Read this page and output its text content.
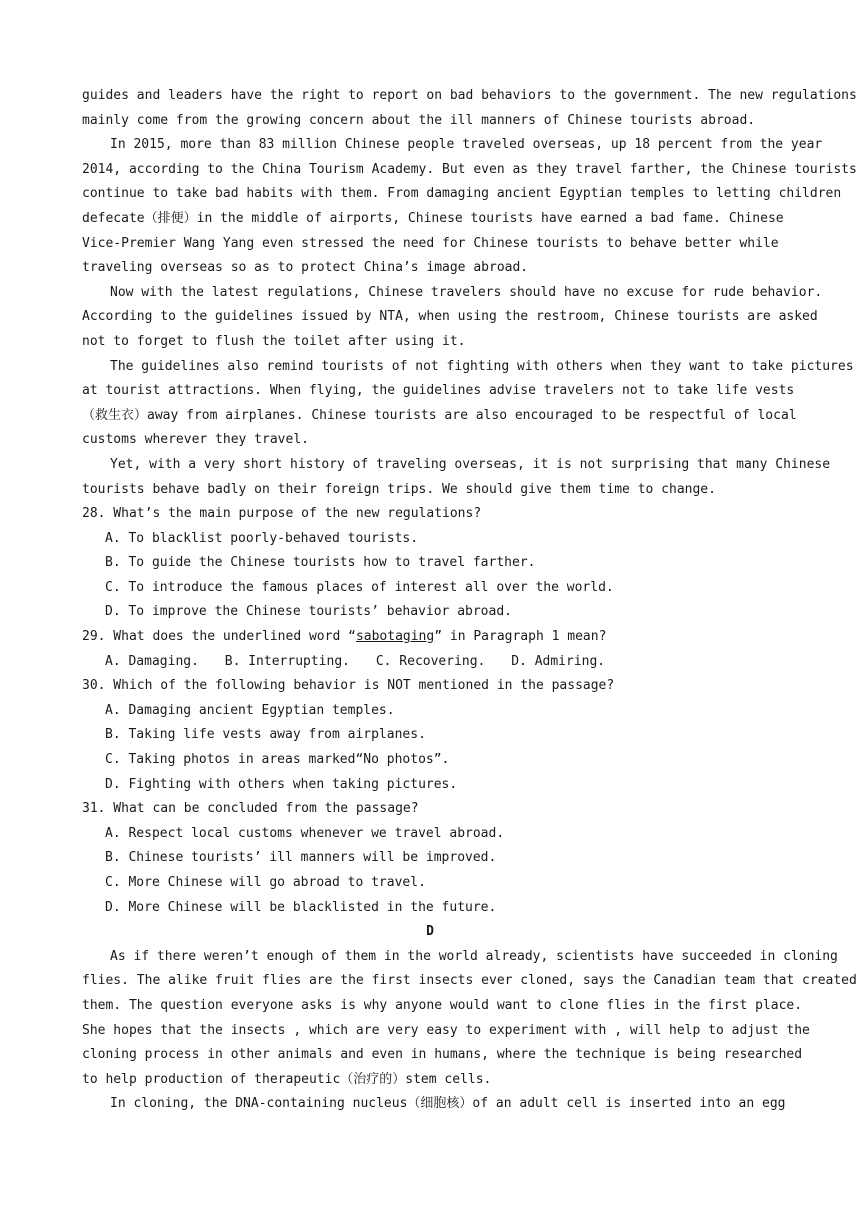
guides and leaders have the right to report on bad behaviors to the government. The new regulations
mainly come from the growing concern about the ill manners of Chinese tourists abroad.
In 2015, more than 83 million Chinese people traveled overseas, up 18 percent from the year
2014, according to the China Tourism Academy. But even as they travel farther, the Chinese tourists
continue to take bad habits with them. From damaging ancient Egyptian temples to letting children
defecate（排便）in the middle of airports, Chinese tourists have earned a bad fame. Chinese
Vice-Premier Wang Yang even stressed the need for Chinese tourists to behave better while
traveling overseas so as to protect China’s image abroad.
Now with the latest regulations, Chinese travelers should have no excuse for rude behavior.
According to the guidelines issued by NTA, when using the restroom, Chinese tourists are asked
not to forget to flush the toilet after using it.
The guidelines also remind tourists of not fighting with others when they want to take pictures
at tourist attractions. When flying, the guidelines advise travelers not to take life vests
（救生衣）away from airplanes. Chinese tourists are also encouraged to be respectful of local
customs wherever they travel.
Yet, with a very short history of traveling overseas, it is not surprising that many Chinese
tourists behave badly on their foreign trips. We should give them time to change.
28. What’s the main purpose of the new regulations?
A. To blacklist poorly-behaved tourists.
B. To guide the Chinese tourists how to travel farther.
C. To introduce the famous places of interest all over the world.
D. To improve the Chinese tourists’ behavior abroad.
29. What does the underlined word “sabotaging” in Paragraph 1 mean?
A. Damaging. B. Interrupting. C. Recovering. D. Admiring.
30. Which of the following behavior is NOT mentioned in the passage?
A. Damaging ancient Egyptian temples.
B. Taking life vests away from airplanes.
C. Taking photos in areas marked“No photos”.
D. Fighting with others when taking pictures.
31. What can be concluded from the passage?
A. Respect local customs whenever we travel abroad.
B. Chinese tourists’ ill manners will be improved.
C. More Chinese will go abroad to travel.
D. More Chinese will be blacklisted in the future.
D
As if there weren’t enough of them in the world already, scientists have succeeded in cloning
flies. The alike fruit flies are the first insects ever cloned, says the Canadian team that created
them. The question everyone asks is why anyone would want to clone flies in the first place.
She hopes that the insects , which are very easy to experiment with , will help to adjust the
cloning process in other animals and even in humans, where the technique is being researched
to help production of therapeutic（治疗的）stem cells.
In cloning, the DNA-containing nucleus（细胞核）of an adult cell is inserted into an egg
